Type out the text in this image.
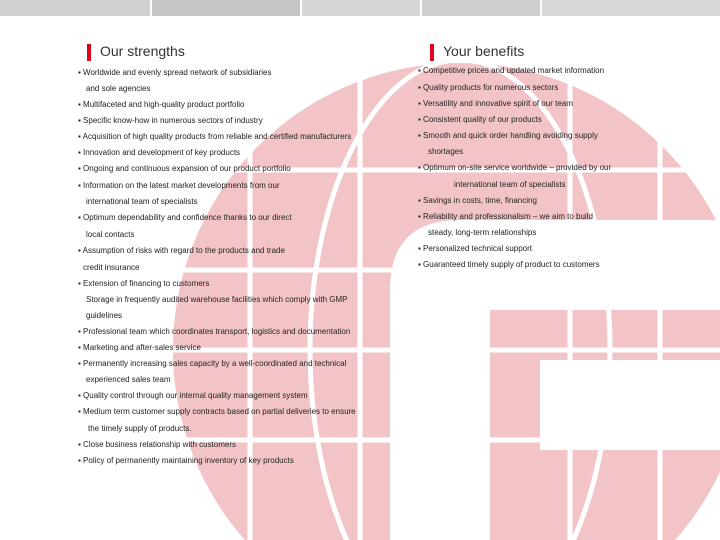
Our strengths	Your benefits
▪ Worldwide and evenly spread network of subsidiaries
and sole agencies
▪ Multifaceted and high-quality product portfolio
▪ Specific know-how in numerous sectors of industry
▪ Acquisition of high quality products from reliable and certified manufacturers
▪ Innovation and development of key products
▪ Ongoing and continuous expansion of our product portfolio
▪ Information on the latest market developments from our
international team of specialists
▪ Optimum dependability and confidence thanks to our direct
local contacts
▪ Assumption of risks with regard to the products and trade
credit insurance
▪ Extension of financing to customers
Storage in frequently audited warehouse facilities which comply with GMP
guidelines
▪ Professional team which coordinates transport, logistics and documentation
▪ Marketing and after-sales service
▪ Permanently increasing sales capacity by a well-coordinated and technical
experienced sales team
▪ Quality control through our internal quality management system
▪ Medium term customer supply contracts based on partial deliveries to ensure
the timely supply of products.
▪ Close business relationship with customers
▪ Policy of permanently maintaining inventory of key products
▪ Competitive prices and updated market information
▪ Quality products for numerous sectors
▪ Versatility and innovative spirit of our team
▪ Consistent quality of our products
▪ Smooth and quick order handling avoiding supply
shortages
▪ Optimum on-site service worldwide – provided by our
international team of specialists
▪ Savings in costs, time, financing
▪ Reliability and professionalism – we aim to build
steady, long-term relationships
▪ Personalized technical support
▪ Guaranteed timely supply of product to customers
